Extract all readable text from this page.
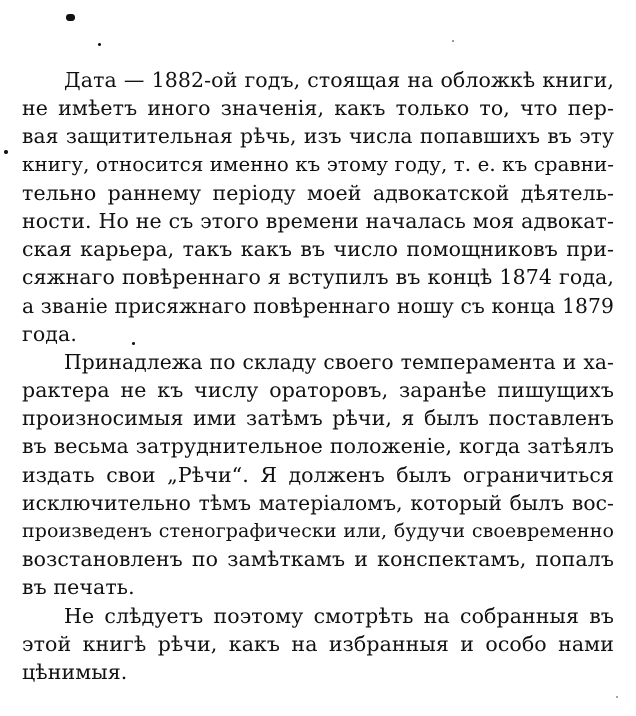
Дата — 1882-ой годъ, стоящая на обложкѣ книги,
не имѣетъ иного значенія, какъ только то, что пер-
вая защитительная рѣчь, изъ числа попавшихъ въ эту
книгу, относится именно къ этому году, т. е. къ сравни-
тельно раннему періоду моей адвокатской дѣятель-
ности. Но не съ этого времени началась моя адвокат-
ская карьера, такъ какъ въ число помощниковъ при-
сяжнаго повѣреннаго я вступилъ въ концѣ 1874 года,
а званіе присяжнаго повѣреннаго ношу съ конца 1879
года.
Принадлежа по складу своего темперамента и ха-
рактера не къ числу ораторовъ, заранѣе пишущихъ
произносимыя ими затѣмъ рѣчи, я былъ поставленъ
въ весьма затруднительное положеніе, когда затѣялъ
издать свои „Рѣчи“. Я долженъ былъ ограничиться
исключительно тѣмъ матеріаломъ, который былъ вос-
произведенъ стенографически или, будучи своевременно
возстановленъ по замѣткамъ и конспектамъ, попалъ
въ печать.
Не слѣдуетъ поэтому смотрѣть на собранныя въ
этой книгѣ рѣчи, какъ на избранныя и особо нами
цѣнимыя.
